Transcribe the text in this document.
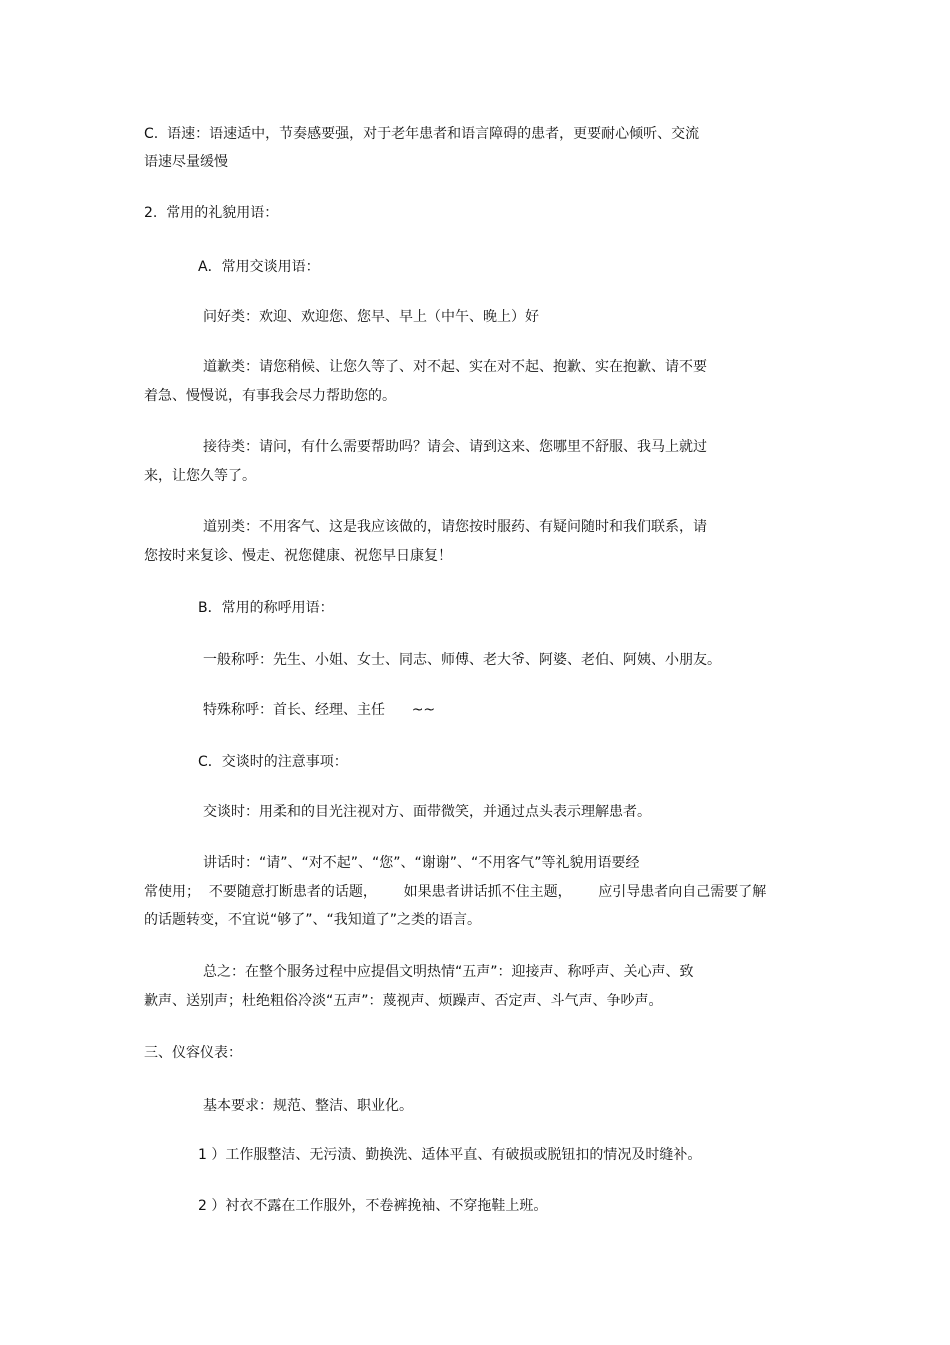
C.  语速：语速适中，节奏感要强，对于老年患者和语言障碍的患者，更要耐心倾听、交流
语速尽量缓慢
2.  常用的礼貌用语：
A．常用交谈用语：
问好类：欢迎、欢迎您、您早、早上（中午、晚上）好
道歉类：请您稍候、让您久等了、对不起、实在对不起、抱歉、实在抱歉、请不要
着急、慢慢说，有事我会尽力帮助您的。
接待类：请问，有什么需要帮助吗？请会、请到这来、您哪里不舒服、我马上就过
来，让您久等了。
道别类：不用客气、这是我应该做的，请您按时服药、有疑问随时和我们联系，请
您按时来复诊、慢走、祝您健康、祝您早日康复！
B．常用的称呼用语：
一般称呼：先生、小姐、女士、同志、师傅、老大爷、阿婆、老伯、阿姨、小朋友。
特殊称呼：首长、经理、主任      ~~
C．交谈时的注意事项：
交谈时：用柔和的目光注视对方、面带微笑，并通过点头表示理解患者。
讲话时：“请”、“对不起”、“您”、“谢谢”、“不用客气”等礼貌用语要经
常使用；  不要随意打断患者的话题，      如果患者讲话抓不住主题，      应引导患者向自己需要了解
的话题转变，不宜说“够了”、“我知道了”之类的语言。
总之：在整个服务过程中应提倡文明热情“五声”：迎接声、称呼声、关心声、致
歉声、送别声；杜绝粗俗冷淡“五声”：蔑视声、烦躁声、否定声、斗气声、争吵声。
三、仪容仪表：
基本要求：规范、整洁、职业化。
1 ）工作服整洁、无污渍、勤换洗、适体平直、有破损或脱钮扣的情况及时缝补。
2 ）衬衣不露在工作服外，不卷裤挽袖、不穿拖鞋上班。
